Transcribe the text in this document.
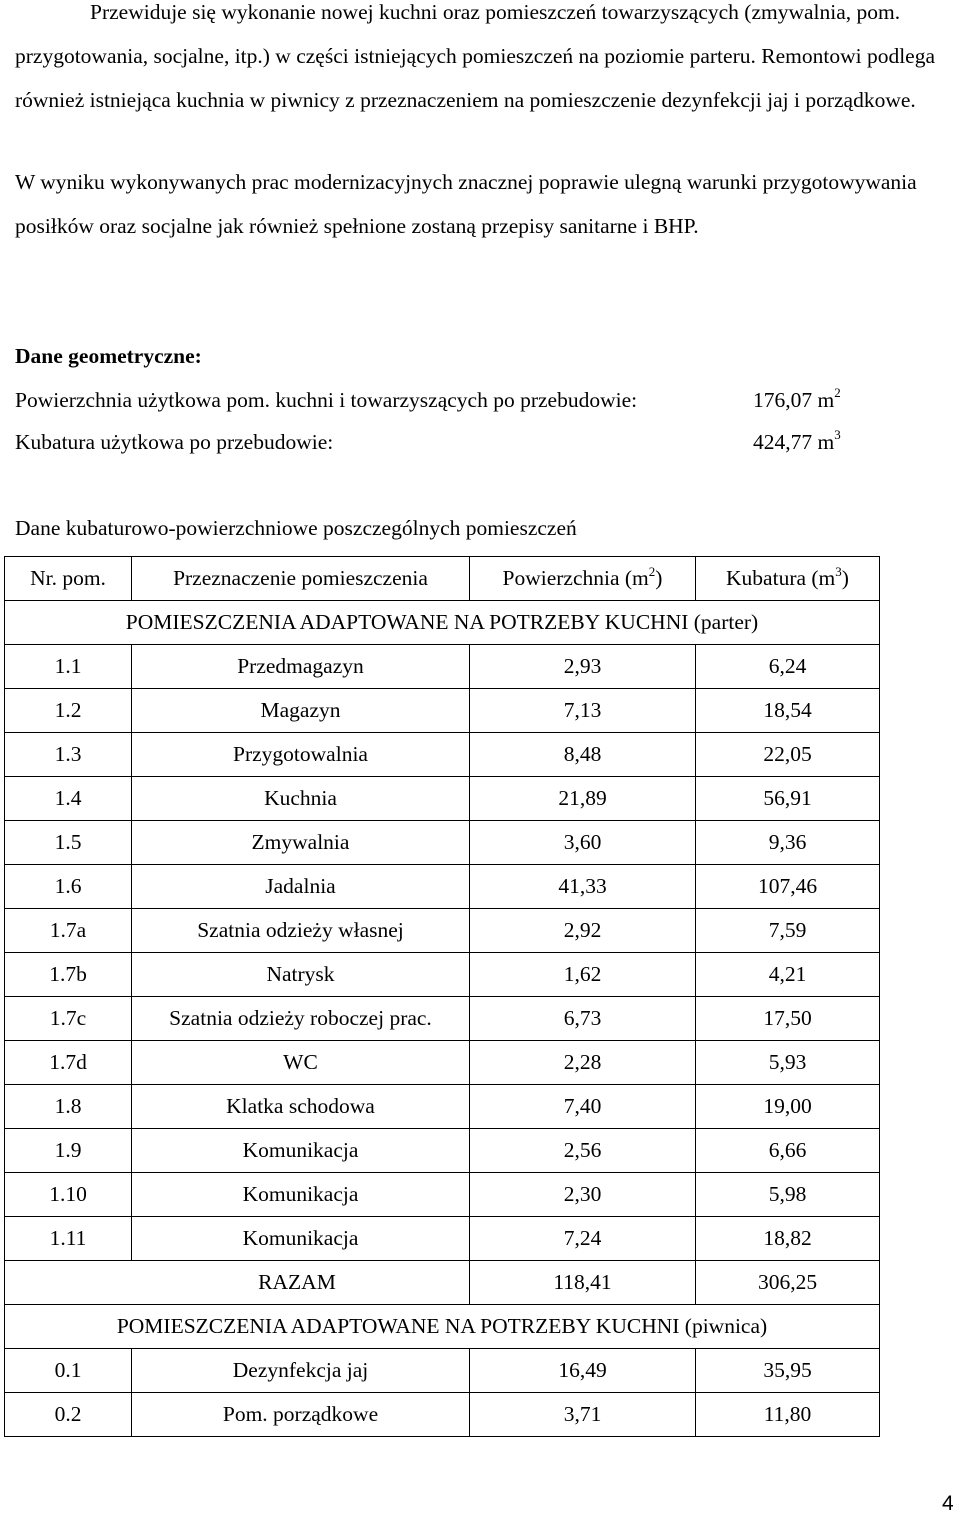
Przewiduje się wykonanie nowej kuchni oraz pomieszczeń towarzyszących (zmywalnia, pom. przygotowania, socjalne, itp.) w części istniejących pomieszczeń na poziomie parteru. Remontowi podlega również istniejąca kuchnia w piwnicy z przeznaczeniem na pomieszczenie dezynfekcji jaj i porządkowe.
W wyniku wykonywanych prac modernizacyjnych znacznej poprawie ulegną warunki przygotowywania posiłków oraz socjalne jak również spełnione zostaną przepisy sanitarne i BHP.
Dane geometryczne:
Powierzchnia użytkowa pom. kuchni i towarzyszących po przebudowie:	176,07 $m^2$
Kubatura użytkowa po przebudowie:	424,77 $m^3$
Dane kubaturowo-powierzchniowe poszczególnych pomieszczeń
Nr. pom.	Przeznaczenie pomieszczenia	Powierzchnia $(m^2)$	Kubatura $(m^3)$
POMIESZCZENIA ADAPTOWANE NA POTRZEBY KUCHNI (parter)			
1.1	Przedmagazyn	2,93	6,24
1.2	Magazyn	7,13	18,54
1.3	Przygotowalnia	8,48	22,05
1.4	Kuchnia	21,89	56,91
1.5	Zmywalnia	3,60	9,36
1.6	Jadalnia	41,33	107,46
1.7a	Szatnia odzieży własnej	2,92	7,59
1.7b	Natrysk	1,62	4,21
1.7c	Szatnia odzieży roboczej prac.	6,73	17,50
1.7d	WC	2,28	5,93
1.8	Klatka schodowa	7,40	19,00
1.9	Komunikacja	2,56	6,66
1.10	Komunikacja	2,30	5,98
1.11	Komunikacja	7,24	18,82
RAZAM		118,41	306,25
POMIESZCZENIA ADAPTOWANE NA POTRZEBY KUCHNI (piwnica)			
0.1	Dezynfekcja jaj	16,49	35,95
0.2	Pom. porządkowe	3,71	11,80
4
